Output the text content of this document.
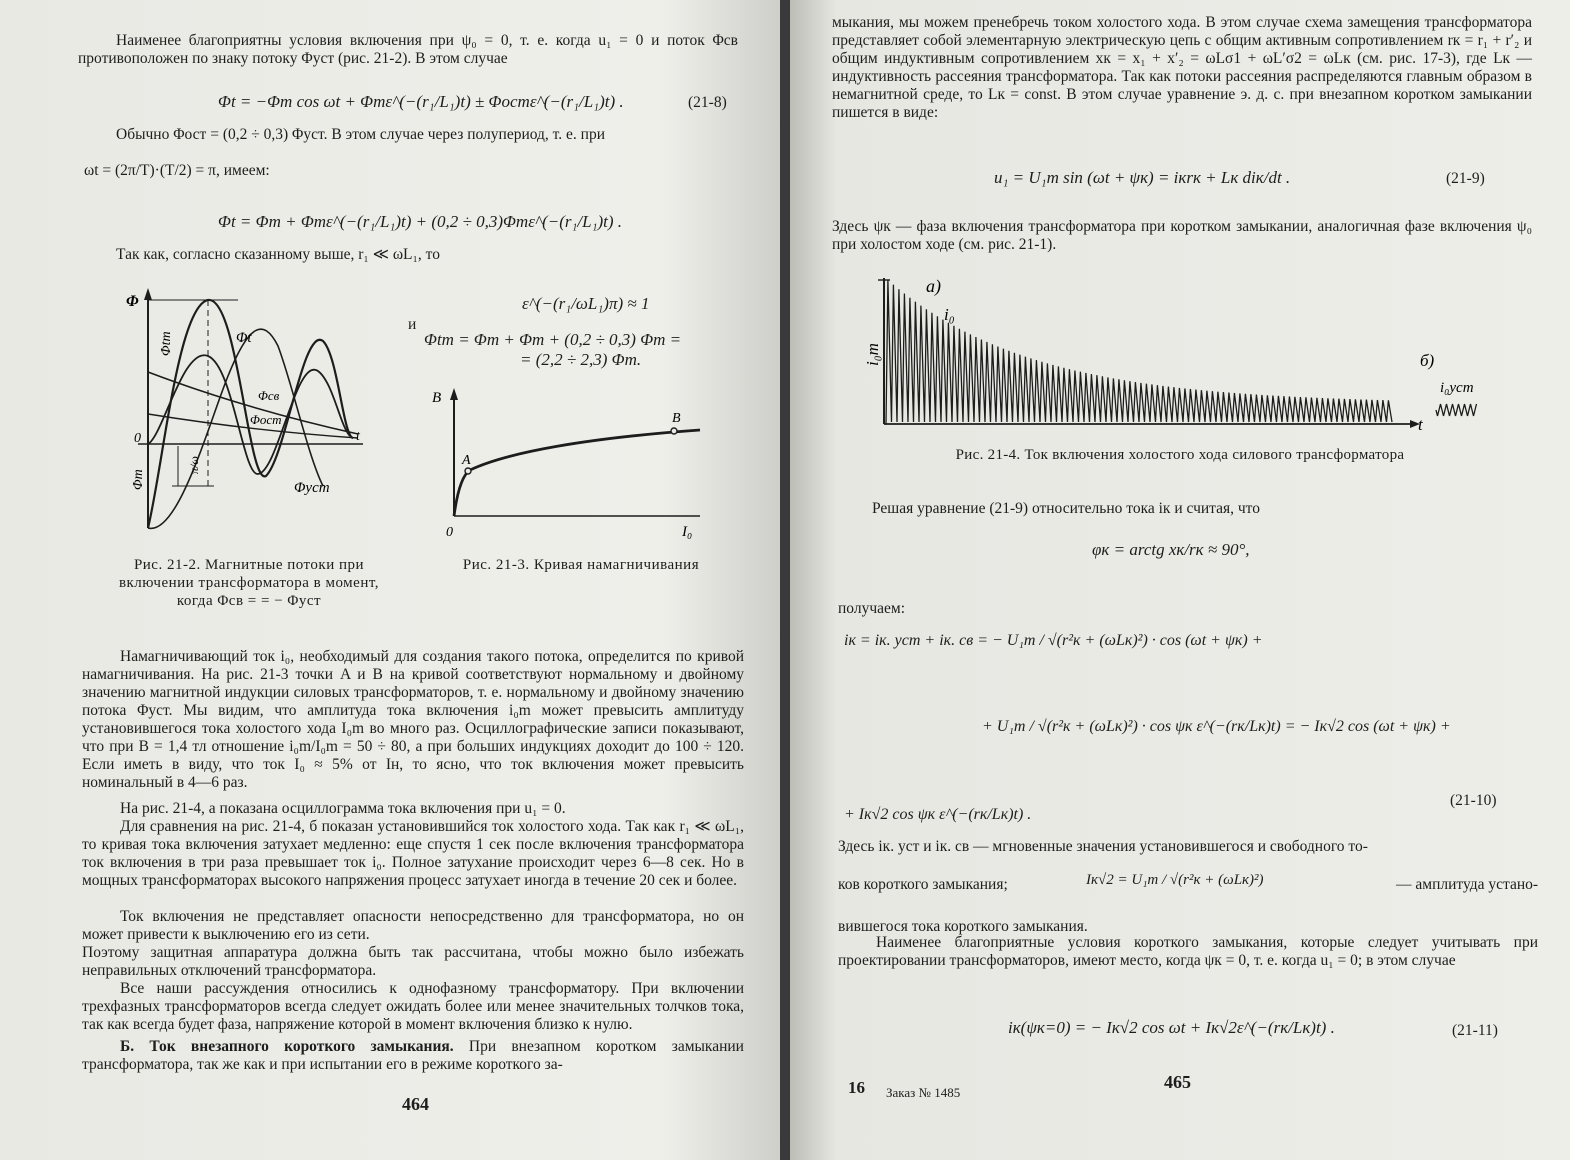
Наименее благоприятны условия включения при ψ₀ = 0, т. е. когда u₁ = 0 и поток Φсв противоположен по знаку потоку Φуст (рис. 21-2). В этом случае
Φt = −Φm cos ωt + Φmε^(−(r₁/L₁)t) ± Φостε^(−(r₁/L₁)t) .	(21-8)
Обычно Φост = (0,2 ÷ 0,3) Φуст. В этом случае через полупериод, т. е. при
ωt = (2π/T)·(T/2) = π, имеем:
Φt = Φm + Φmε^(−(r₁/L₁)t) + (0,2 ÷ 0,3)Φmε^(−(r₁/L₁)t) .
Так как, согласно сказанному выше, r₁ ≪ ωL₁, то
ε^(−(r₁/ωL₁)π) ≈ 1
и
Φtm = Φm + Φm + (0,2 ÷ 0,3) Φm =
= (2,2 ÷ 2,3) Φm.
Φ
Φt
Φсв
Φост
Φуст
Φtm
Φm
0	t
π/ω
B
A
B
0	I₀
Рис. 21-2. Магнитные потоки при включении трансформатора в момент, когда Φсв = = − Φуст
Рис. 21-3. Кривая намагничивания
Намагничивающий ток i₀, необходимый для создания такого потока, определится по кривой намагничивания. На рис. 21-3 точки A и B на кривой соответствуют нормальному и двойному значению магнитной индукции силовых трансформаторов, т. е. нормальному и двойному значению потока Φуст. Мы видим, что амплитуда тока включения i₀m может превысить амплитуду установившегося тока холостого хода I₀m во много раз. Осциллографические записи показывают, что при B = 1,4 тл отношение i₀m/I₀m = 50 ÷ 80, а при больших индукциях доходит до 100 ÷ 120. Если иметь в виду, что ток I₀ ≈ 5% от Iн, то ясно, что ток включения может превысить номинальный в 4—6 раз.
На рис. 21-4, а показана осциллограмма тока включения при u₁ = 0.
Для сравнения на рис. 21-4, б показан установившийся ток холостого хода. Так как r₁ ≪ ωL₁, то кривая тока включения затухает медленно: еще спустя 1 сек после включения трансформатора ток включения в три раза превышает ток i₀. Полное затухание происходит через 6—8 сек. Но в мощных трансформаторах высокого напряжения процесс затухает иногда в течение 20 сек и более.
Ток включения не представляет опасности непосредственно для трансформатора, но он может привести к выключению его из сети.
Поэтому защитная аппаратура должна быть так рассчитана, чтобы можно было избежать неправильных отключений трансформатора.
Все наши рассуждения относились к однофазному трансформатору. При включении трехфазных трансформаторов всегда следует ожидать более или менее значительных толчков тока, так как всегда будет фаза, напряжение которой в момент включения близко к нулю.
Б. Ток внезапного короткого замыкания. При внезапном коротком замыкании трансформатора, так же как и при испытании его в режиме короткого за-
464
мыкания, мы можем пренебречь током холостого хода. В этом случае схема замещения трансформатора представляет собой элементарную электрическую цепь с общим активным сопротивлением rк = r₁ + r′₂ и общим индуктивным сопротивлением xк = x₁ + x′₂ = ωLσ1 + ωL′σ2 = ωLк (см. рис. 17-3), где Lк — индуктивность рассеяния трансформатора. Так как потоки рассеяния распределяются главным образом в немагнитной среде, то Lк = const. В этом случае уравнение э. д. с. при внезапном коротком замыкании пишется в виде:
u₁ = U₁m sin (ωt + ψк) = iкrк + Lк diк/dt .	(21-9)
Здесь ψк — фаза включения трансформатора при коротком замыкании, аналогичная фазе включения ψ₀ при холостом ходе (см. рис. 21-1).
а)
i₀
i₀m	б)
i₀уст
t
Рис. 21-4. Ток включения холостого хода силового трансформатора
Решая уравнение (21-9) относительно тока iк и считая, что
φк = arctg xк/rк ≈ 90°,
получаем:
iк = iк. уст + iк. св = − U₁m / √(r²к + (ωLк)²) · cos (ωt + ψк) +
+ U₁m / √(r²к + (ωLк)²) · cos ψк ε^(−(rк/Lк)t) = − Iк√2 cos (ωt + ψк) +
+ Iк√2 cos ψк ε^(−(rк/Lк)t) .
(21-10)
Здесь iк. уст и iк. св — мгновенные значения установившегося и свободного то-
ков короткого замыкания;	Iк√2 = U₁m / √(r²к + (ωLк)²)	— амплитуда устано-
вившегося тока короткого замыкания.
Наименее благоприятные условия короткого замыкания, которые следует учитывать при проектировании трансформаторов, имеют место, когда ψк = 0, т. е. когда u₁ = 0; в этом случае
iк(ψк=0) = − Iк√2 cos ωt + Iк√2ε^(−(rк/Lк)t) .	(21-11)
16 Заказ № 1485
465
